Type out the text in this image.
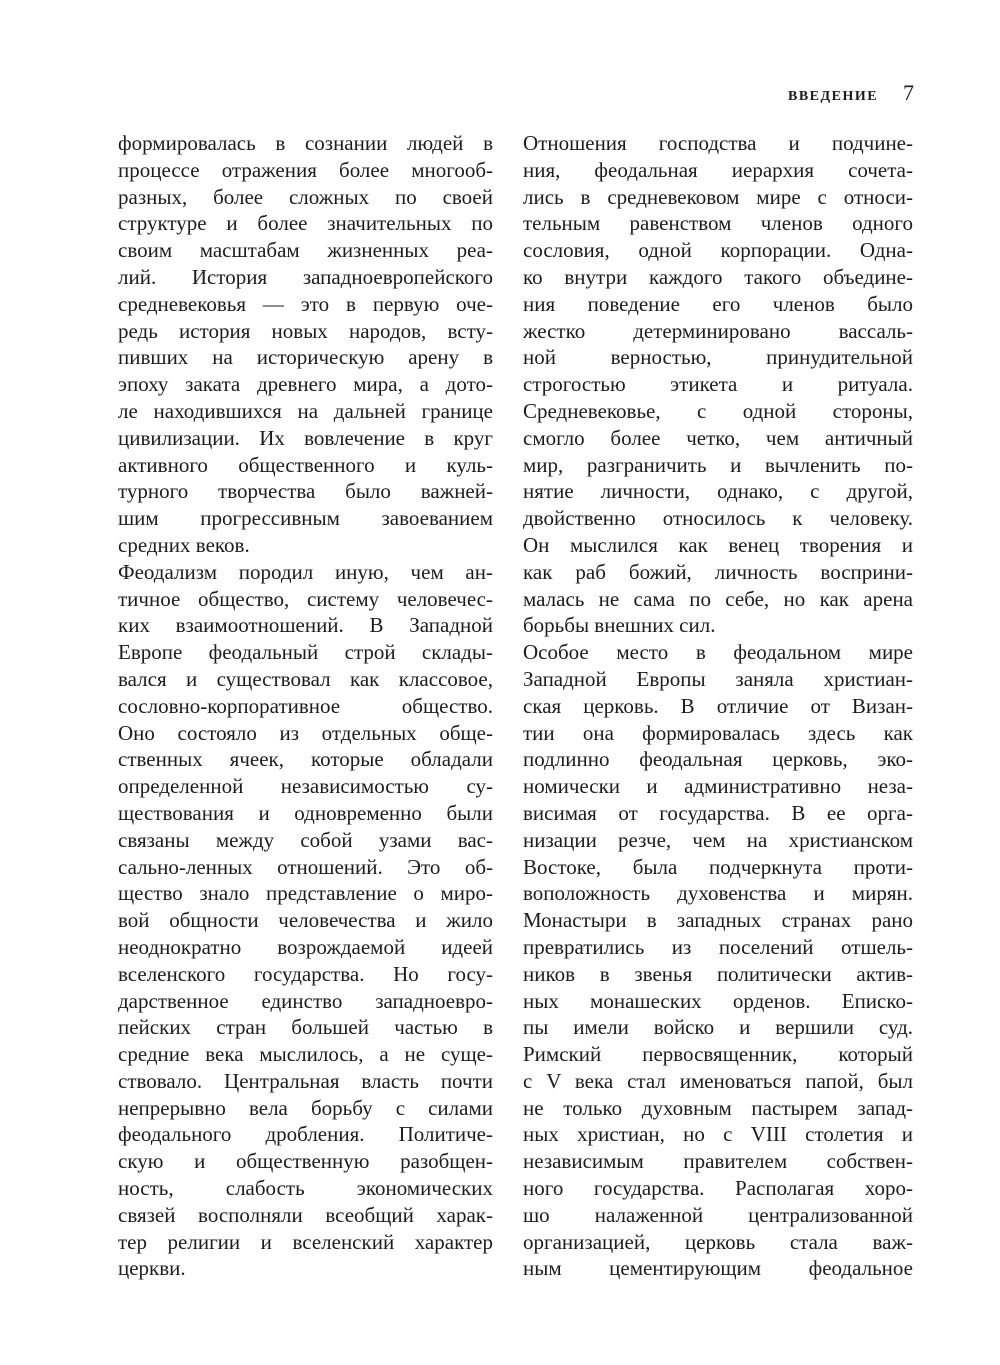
ВВЕДЕНИЕ 7
формировалась в сознании людей в
процессе отражения более многооб-
разных, более сложных по своей
структуре и более значительных по
своим масштабам жизненных реа-
лий. История западноевропейского
средневековья — это в первую оче-
редь история новых народов, всту-
пивших на историческую арену в
эпоху заката древнего мира, а дото-
ле находившихся на дальней границе
цивилизации. Их вовлечение в круг
активного общественного и куль-
турного творчества было важней-
шим прогрессивным завоеванием
средних веков.
Феодализм породил иную, чем ан-
тичное общество, систему человечес-
ких взаимоотношений. В Западной
Европе феодальный строй склады-
вался и существовал как классовое,
сословно-корпоративное общество.
Оно состояло из отдельных обще-
ственных ячеек, которые обладали
определенной независимостью су-
ществования и одновременно были
связаны между собой узами вас-
сально-ленных отношений. Это об-
щество знало представление о миро-
вой общности человечества и жило
неоднократно возрождаемой идеей
вселенского государства. Но госу-
дарственное единство западноевро-
пейских стран большей частью в
средние века мыслилось, а не суще-
ствовало. Центральная власть почти
непрерывно вела борьбу с силами
феодального дробления. Политиче-
скую и общественную разобщен-
ность, слабость экономических
связей восполняли всеобщий харак-
тер религии и вселенский характер
церкви.
Отношения господства и подчине-
ния, феодальная иерархия сочета-
лись в средневековом мире с относи-
тельным равенством членов одного
сословия, одной корпорации. Одна-
ко внутри каждого такого объедине-
ния поведение его членов было
жестко детерминировано вассаль-
ной верностью, принудительной
строгостью этикета и ритуала.
Средневековье, с одной стороны,
смогло более четко, чем античный
мир, разграничить и вычленить по-
нятие личности, однако, с другой,
двойственно относилось к человеку.
Он мыслился как венец творения и
как раб божий, личность восприни-
малась не сама по себе, но как арена
борьбы внешних сил.
Особое место в феодальном мире
Западной Европы заняла христиан-
ская церковь. В отличие от Визан-
тии она формировалась здесь как
подлинно феодальная церковь, эко-
номически и административно неза-
висимая от государства. В ее орга-
низации резче, чем на христианском
Востоке, была подчеркнута проти-
воположность духовенства и мирян.
Монастыри в западных странах рано
превратились из поселений отшель-
ников в звенья политически актив-
ных монашеских орденов. Еписко-
пы имели войско и вершили суд.
Римский первосвященник, который
с V века стал именоваться папой, был
не только духовным пастырем запад-
ных христиан, но с VIII столетия и
независимым правителем собствен-
ного государства. Располагая хоро-
шо налаженной централизованной
организацией, церковь стала важ-
ным цементирующим феодальное
